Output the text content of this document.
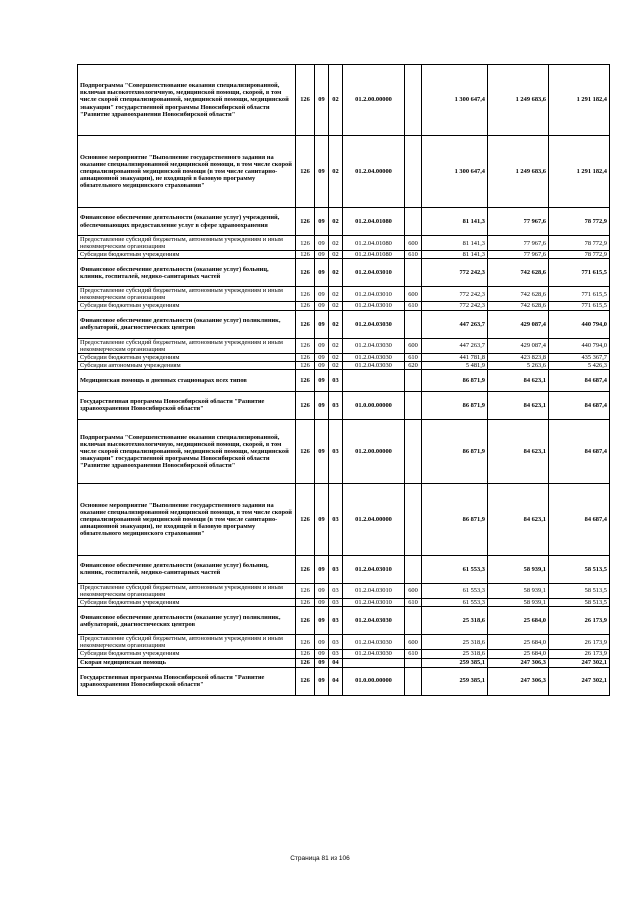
Подпрограмма "Совершенствование оказания специализированной, включая высокотехнологичную, медицинской помощи, скорой, в том числе скорой специализированной, медицинской помощи, медицинской эвакуации" государственной программы Новосибирской области "Развитие здравоохранения Новосибирской области"	126	09	02	01.2.00.00000		1 300 647,4	1 249 683,6	1 291 182,4
Основное мероприятие "Выполнение государственного задания на оказание специализированной медицинской помощи, в том числе скорой специализированной медицинской помощи (в том числе санитарно-авиационной эвакуации), не входящей в базовую программу обязательного медицинского страхования"	126	09	02	01.2.04.00000		1 300 647,4	1 249 683,6	1 291 182,4
Финансовое обеспечение деятельности (оказание услуг) учреждений, обеспечивающих предоставление услуг в сфере здравоохранения	126	09	02	01.2.04.01080		81 141,3	77 967,6	78 772,9
Предоставление субсидий бюджетным, автономным учреждениям и иным некоммерческим организациям	126	09	02	01.2.04.01080	600	81 141,3	77 967,6	78 772,9
Субсидии бюджетным учреждениям	126	09	02	01.2.04.01080	610	81 141,3	77 967,6	78 772,9
Финансовое обеспечение деятельности (оказание услуг) больниц, клиник, госпиталей, медико-санитарных частей	126	09	02	01.2.04.03010		772 242,3	742 628,6	771 615,5
Предоставление субсидий бюджетным, автономным учреждениям и иным некоммерческим организациям	126	09	02	01.2.04.03010	600	772 242,3	742 628,6	771 615,5
Субсидии бюджетным учреждениям	126	09	02	01.2.04.03010	610	772 242,3	742 628,6	771 615,5
Финансовое обеспечение деятельности (оказание услуг) поликлиник, амбулаторий, диагностических центров	126	09	02	01.2.04.03030		447 263,7	429 087,4	440 794,0
Предоставление субсидий бюджетным, автономным учреждениям и иным некоммерческим организациям	126	09	02	01.2.04.03030	600	447 263,7	429 087,4	440 794,0
Субсидии бюджетным учреждениям	126	09	02	01.2.04.03030	610	441 781,8	423 823,8	435 367,7
Субсидии автономным учреждениям	126	09	02	01.2.04.03030	620	5 481,9	5 263,6	5 426,3
Медицинская помощь в дневных стационарах всех типов	126	09	03			86 871,9	84 623,1	84 687,4
Государственная программа Новосибирской области "Развитие здравоохранения Новосибирской области"	126	09	03	01.0.00.00000		86 871,9	84 623,1	84 687,4
Подпрограмма "Совершенствование оказания специализированной, включая высокотехнологичную, медицинской помощи, скорой, в том числе скорой специализированной, медицинской помощи, медицинской эвакуации" государственной программы Новосибирской области "Развитие здравоохранения Новосибирской области"	126	09	03	01.2.00.00000		86 871,9	84 623,1	84 687,4
Основное мероприятие "Выполнение государственного задания на оказание специализированной медицинской помощи, в том числе скорой специализированной медицинской помощи (в том числе санитарно-авиационной эвакуации), не входящей в базовую программу обязательного медицинского страхования"	126	09	03	01.2.04.00000		86 871,9	84 623,1	84 687,4
Финансовое обеспечение деятельности (оказание услуг) больниц, клиник, госпиталей, медико-санитарных частей	126	09	03	01.2.04.03010		61 553,3	58 939,1	58 513,5
Предоставление субсидий бюджетным, автономным учреждениям и иным некоммерческим организациям	126	09	03	01.2.04.03010	600	61 553,3	58 939,1	58 513,5
Субсидии бюджетным учреждениям	126	09	03	01.2.04.03010	610	61 553,3	58 939,1	58 513,5
Финансовое обеспечение деятельности (оказание услуг) поликлиник, амбулаторий, диагностических центров	126	09	03	01.2.04.03030		25 318,6	25 684,0	26 173,9
Предоставление субсидий бюджетным, автономным учреждениям и иным некоммерческим организациям	126	09	03	01.2.04.03030	600	25 318,6	25 684,0	26 173,9
Субсидии бюджетным учреждениям	126	09	03	01.2.04.03030	610	25 318,6	25 684,0	26 173,9
Скорая медицинская помощь	126	09	04			259 385,1	247 306,3	247 302,1
Государственная программа Новосибирской области "Развитие здравоохранения Новосибирской области"	126	09	04	01.0.00.00000		259 385,1	247 306,3	247 302,1
Страница 81 из 106
